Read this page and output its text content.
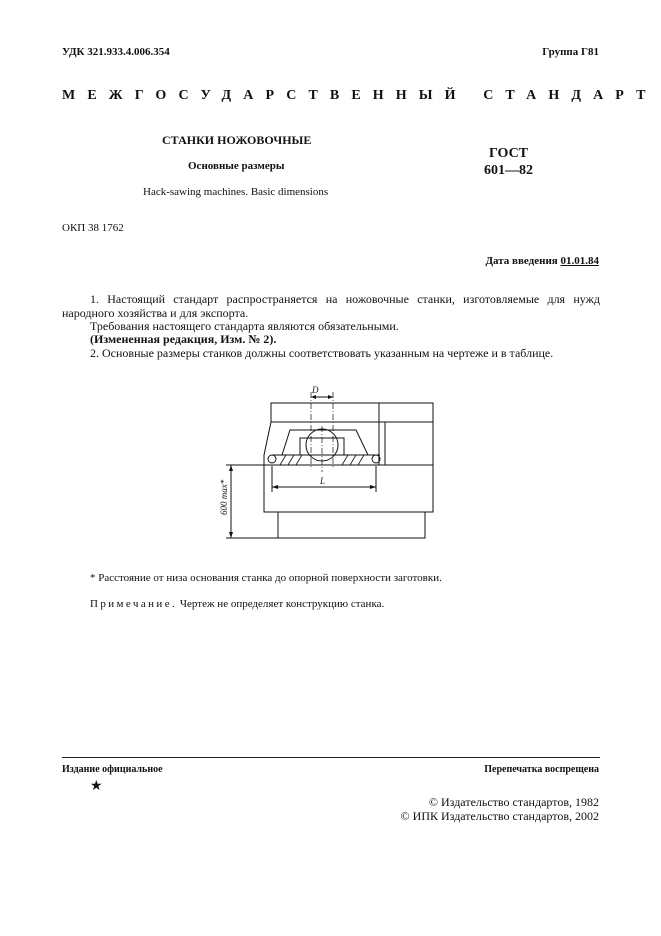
УДК 321.933.4.006.354	Группа Г81
МЕЖГОСУДАРСТВЕННЫЙ СТАНДАРТ
СТАНКИ НОЖОВОЧНЫЕ
Основные размеры
ГОСТ
601—82
Hack-sawing machines. Basic dimensions
ОКП 38 1762
Дата введения 01.01.84
1. Настоящий стандарт распространяется на ножовочные станки, изготовляемые для нужд народного хозяйства и для экспорта.
Требования настоящего стандарта являются обязательными.
(Измененная редакция, Изм. № 2).
2. Основные размеры станков должны соответствовать указанным на чертеже и в таблице.
D
L
600 max*
* Расстояние от низа основания станка до опорной поверхности заготовки.
Примечание. Чертеж не определяет конструкцию станка.
Издание официальное	Перепечатка воспрещена
★
© Издательство стандартов, 1982
© ИПК Издательство стандартов, 2002
